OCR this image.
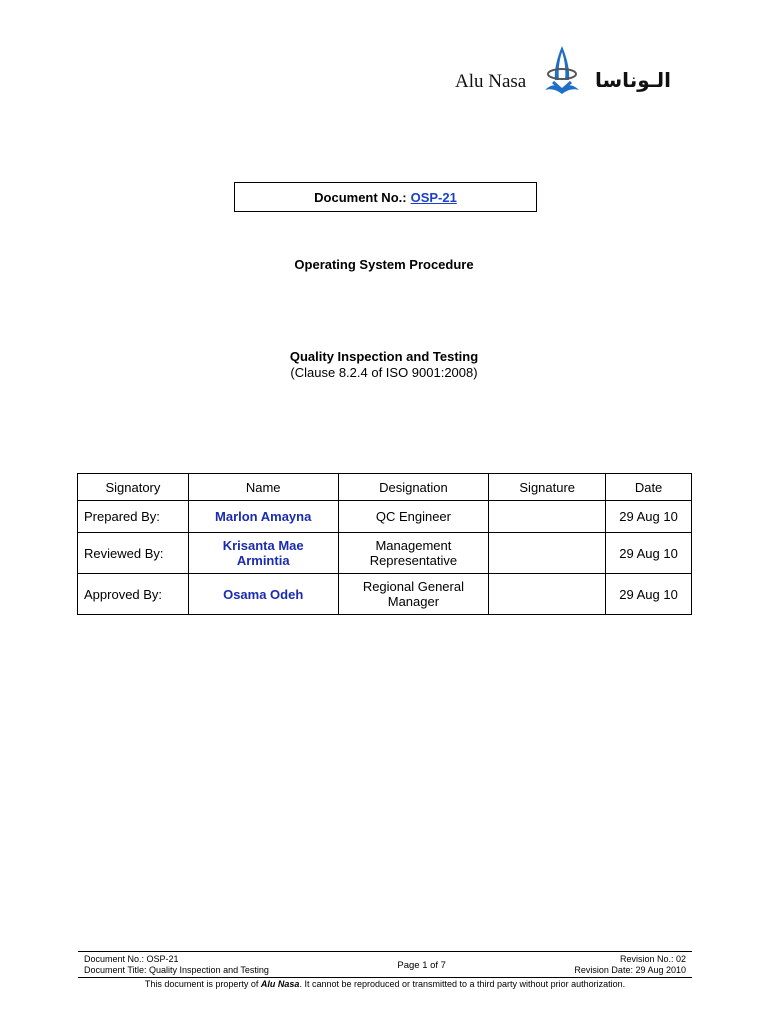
Alu Nasa	الـوناسا
Document No.: OSP-21
Operating System Procedure
Quality Inspection and Testing
(Clause 8.2.4 of ISO 9001:2008)
Signatory	Name	Designation	Signature	Date
Prepared By:	Marlon Amayna	QC Engineer		29 Aug 10
Reviewed By:	Krisanta Mae Armintia	Management Representative		29 Aug 10
Approved By:	Osama Odeh	Regional General Manager		29 Aug 10
Document No.: OSP-21
Document Title: Quality Inspection and Testing	Page 1 of 7
Revision No.: 02
Revision Date: 29 Aug 2010
This document is property of Alu Nasa. It cannot be reproduced or transmitted to a third party without prior authorization.
